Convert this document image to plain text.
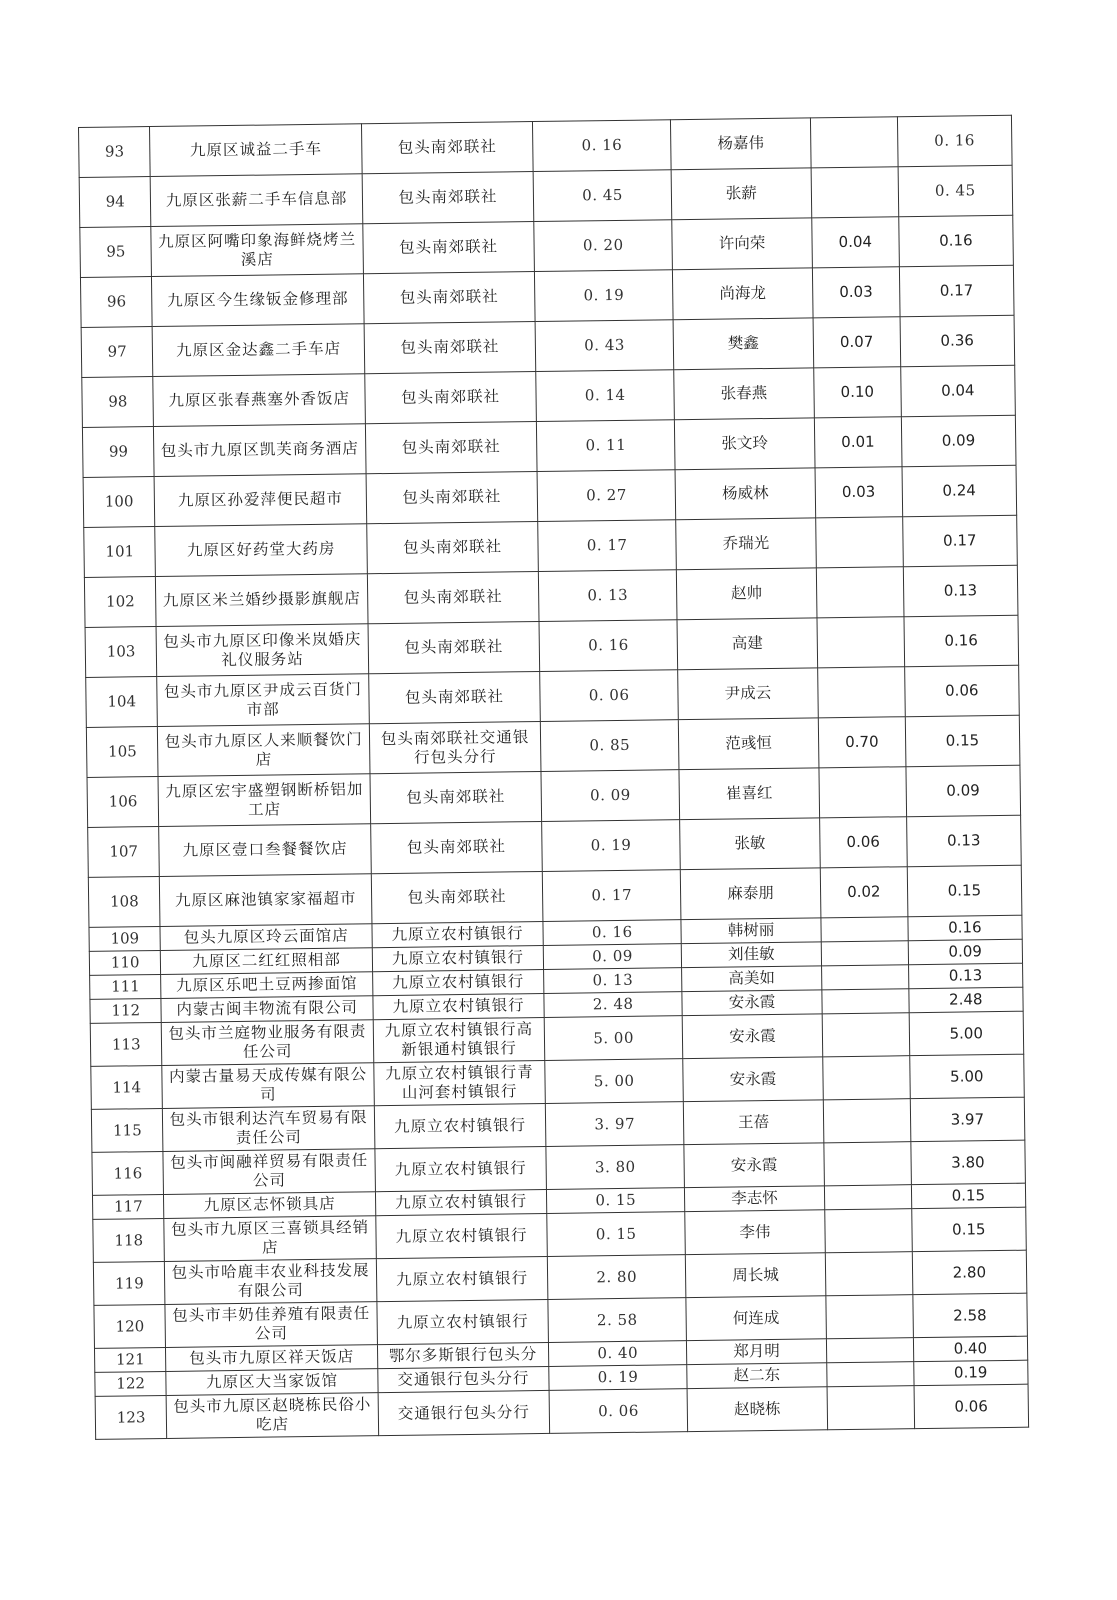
93	九原区诚益二手车	包头南郊联社	0. 16	杨嘉伟		0. 16
94	九原区张薪二手车信息部	包头南郊联社	0. 45	张薪		0. 45
95	九原区阿嘴印象海鲜烧烤兰溪店	包头南郊联社	0. 20	许向荣	0.04	0.16
96	九原区今生缘钣金修理部	包头南郊联社	0. 19	尚海龙	0.03	0.17
97	九原区金达鑫二手车店	包头南郊联社	0. 43	樊鑫	0.07	0.36
98	九原区张春燕塞外香饭店	包头南郊联社	0. 14	张春燕	0.10	0.04
99	包头市九原区凯芙商务酒店	包头南郊联社	0. 11	张文玲	0.01	0.09
100	九原区孙爱萍便民超市	包头南郊联社	0. 27	杨威林	0.03	0.24
101	九原区好药堂大药房	包头南郊联社	0. 17	乔瑞光		0.17
102	九原区米兰婚纱摄影旗舰店	包头南郊联社	0. 13	赵帅		0.13
103	包头市九原区印像米岚婚庆礼仪服务站	包头南郊联社	0. 16	高建		0.16
104	包头市九原区尹成云百货门市部	包头南郊联社	0. 06	尹成云		0.06
105	包头市九原区人来顺餐饮门店	包头南郊联社交通银行包头分行	0. 85	范彧恒	0.70	0.15
106	九原区宏宇盛塑钢断桥铝加工店	包头南郊联社	0. 09	崔喜红		0.09
107	九原区壹口叁餐餐饮店	包头南郊联社	0. 19	张敏	0.06	0.13
108	九原区麻池镇家家福超市	包头南郊联社	0. 17	麻泰朋	0.02	0.15
109	包头九原区玲云面馆店	九原立农村镇银行	0. 16	韩树丽		0.16
110	九原区二红红照相部	九原立农村镇银行	0. 09	刘佳敏		0.09
111	九原区乐吧土豆两掺面馆	九原立农村镇银行	0. 13	高美如		0.13
112	内蒙古闽丰物流有限公司	九原立农村镇银行	2. 48	安永霞		2.48
113	包头市兰庭物业服务有限责任公司	九原立农村镇银行高新银通村镇银行	5. 00	安永霞		5.00
114	内蒙古量易天成传媒有限公司	九原立农村镇银行青山河套村镇银行	5. 00	安永霞		5.00
115	包头市银利达汽车贸易有限责任公司	九原立农村镇银行	3. 97	王蓓		3.97
116	包头市闽融祥贸易有限责任公司	九原立农村镇银行	3. 80	安永霞		3.80
117	九原区志怀锁具店	九原立农村镇银行	0. 15	李志怀		0.15
118	包头市九原区三喜锁具经销店	九原立农村镇银行	0. 15	李伟		0.15
119	包头市哈鹿丰农业科技发展有限公司	九原立农村镇银行	2. 80	周长城		2.80
120	包头市丰奶佳养殖有限责任公司	九原立农村镇银行	2. 58	何连成		2.58
121	包头市九原区祥天饭店	鄂尔多斯银行包头分	0. 40	郑月明		0.40
122	九原区大当家饭馆	交通银行包头分行	0. 19	赵二东		0.19
123	包头市九原区赵晓栋民俗小吃店	交通银行包头分行	0. 06	赵晓栋		0.06
